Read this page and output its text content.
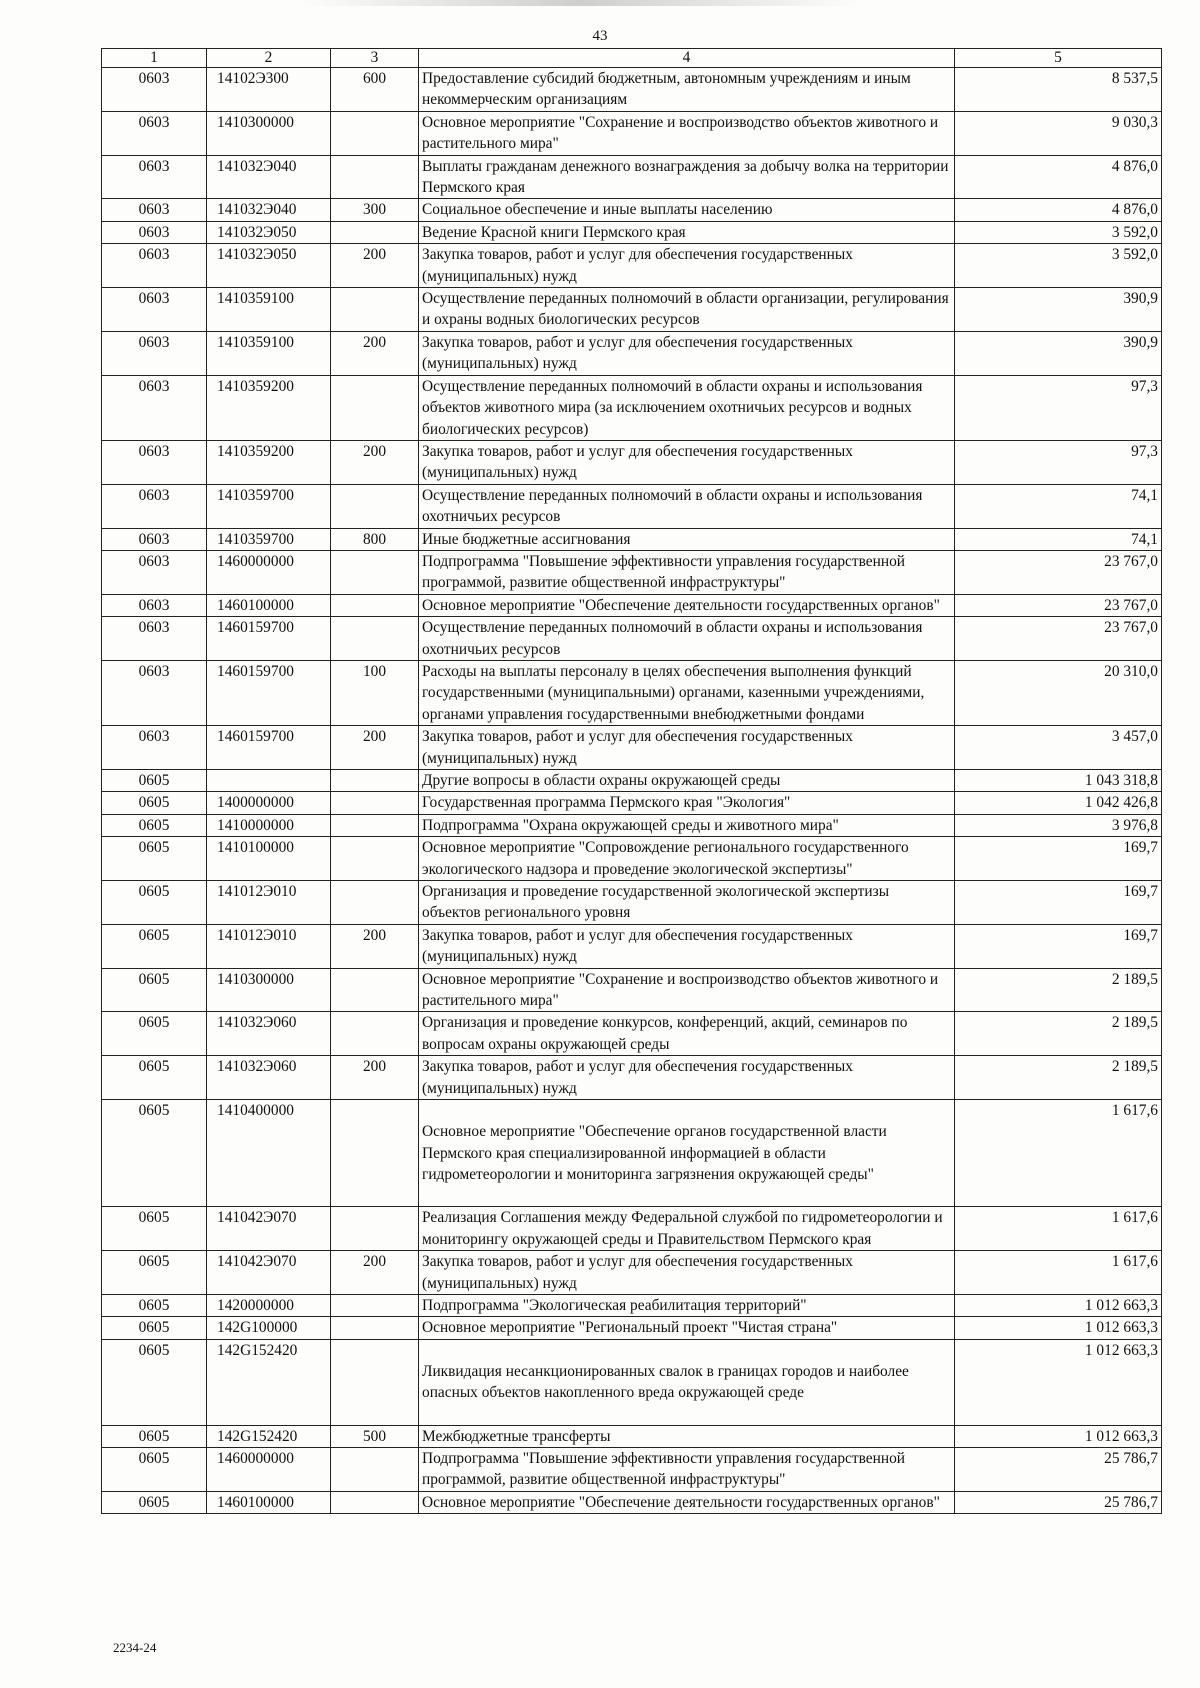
43
1	2	3	4	5
0603	14102Э300	600	Предоставление субсидий бюджетным, автономным учреждениям и иным некоммерческим организациям	8 537,5
0603	1410300000		Основное мероприятие "Сохранение и воспроизводство объектов животного и растительного мира"	9 030,3
0603	141032Э040		Выплаты гражданам денежного вознаграждения за добычу волка на территории Пермского края	4 876,0
0603	141032Э040	300	Социальное обеспечение и иные выплаты населению	4 876,0
0603	141032Э050		Ведение Красной книги Пермского края	3 592,0
0603	141032Э050	200	Закупка товаров, работ и услуг для обеспечения государственных (муниципальных) нужд	3 592,0
0603	1410359100		Осуществление переданных полномочий в области организации, регулирования и охраны водных биологических ресурсов	390,9
0603	1410359100	200	Закупка товаров, работ и услуг для обеспечения государственных (муниципальных) нужд	390,9
0603	1410359200		Осуществление переданных полномочий в области охраны и использования объектов животного мира (за исключением охотничьих ресурсов и водных биологических ресурсов)	97,3
0603	1410359200	200	Закупка товаров, работ и услуг для обеспечения государственных (муниципальных) нужд	97,3
0603	1410359700		Осуществление переданных полномочий в области охраны и использования охотничьих ресурсов	74,1
0603	1410359700	800	Иные бюджетные ассигнования	74,1
0603	1460000000		Подпрограмма "Повышение эффективности управления государственной программой, развитие общественной инфраструктуры"	23 767,0
0603	1460100000		Основное мероприятие "Обеспечение деятельности государственных органов"	23 767,0
0603	1460159700		Осуществление переданных полномочий в области охраны и использования охотничьих ресурсов	23 767,0
0603	1460159700	100	Расходы на выплаты персоналу в целях обеспечения выполнения функций государственными (муниципальными) органами, казенными учреждениями, органами управления государственными внебюджетными фондами	20 310,0
0603	1460159700	200	Закупка товаров, работ и услуг для обеспечения государственных (муниципальных) нужд	3 457,0
0605			Другие вопросы в области охраны окружающей среды	1 043 318,8
0605	1400000000		Государственная программа Пермского края "Экология"	1 042 426,8
0605	1410000000		Подпрограмма "Охрана окружающей среды и животного мира"	3 976,8
0605	1410100000		Основное мероприятие "Сопровождение регионального государственного экологического надзора и проведение экологической экспертизы"	169,7
0605	141012Э010		Организация и проведение государственной экологической экспертизы объектов регионального уровня	169,7
0605	141012Э010	200	Закупка товаров, работ и услуг для обеспечения государственных (муниципальных) нужд	169,7
0605	1410300000		Основное мероприятие "Сохранение и воспроизводство объектов животного и растительного мира"	2 189,5
0605	141032Э060		Организация и проведение конкурсов, конференций, акций, семинаров по вопросам охраны окружающей среды	2 189,5
0605	141032Э060	200	Закупка товаров, работ и услуг для обеспечения государственных (муниципальных) нужд	2 189,5
0605	1410400000		Основное мероприятие "Обеспечение органов государственной власти Пермского края специализированной информацией в области гидрометеорологии и мониторинга загрязнения окружающей среды"	1 617,6
0605	141042Э070		Реализация Соглашения между Федеральной службой по гидрометеорологии и мониторингу окружающей среды и Правительством Пермского края	1 617,6
0605	141042Э070	200	Закупка товаров, работ и услуг для обеспечения государственных (муниципальных) нужд	1 617,6
0605	1420000000		Подпрограмма "Экологическая реабилитация территорий"	1 012 663,3
0605	142G100000		Основное мероприятие "Региональный проект "Чистая страна"	1 012 663,3
0605	142G152420		Ликвидация несанкционированных свалок в границах городов и наиболее опасных объектов накопленного вреда окружающей среде	1 012 663,3
0605	142G152420	500	Межбюджетные трансферты	1 012 663,3
0605	1460000000		Подпрограмма "Повышение эффективности управления государственной программой, развитие общественной инфраструктуры"	25 786,7
0605	1460100000		Основное мероприятие "Обеспечение деятельности государственных органов"	25 786,7
2234-24
